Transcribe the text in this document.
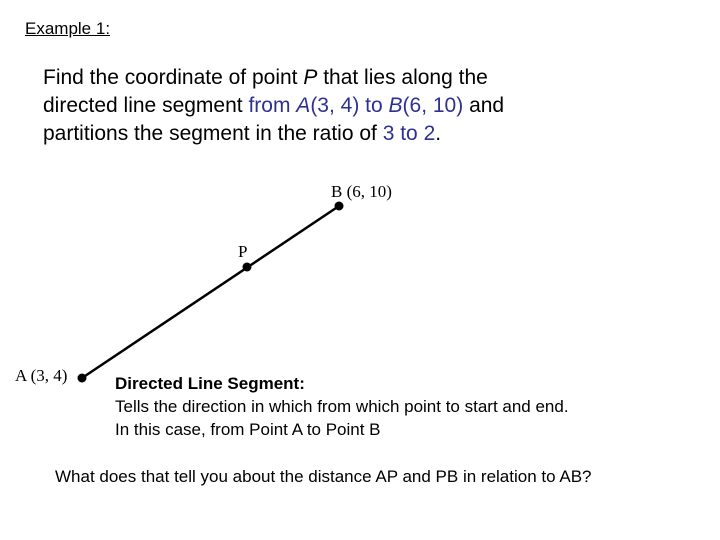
Example 1:
Find the coordinate of point P that lies along the
directed line segment from A(3, 4) to B(6, 10) and
partitions the segment in the ratio of 3 to 2.
B (6, 10)
P
A (3, 4)	Directed Line Segment:
Tells the direction in which from which point to start and end.
In this case, from Point A to Point B
What does that tell you about the distance AP and PB in relation to AB?
